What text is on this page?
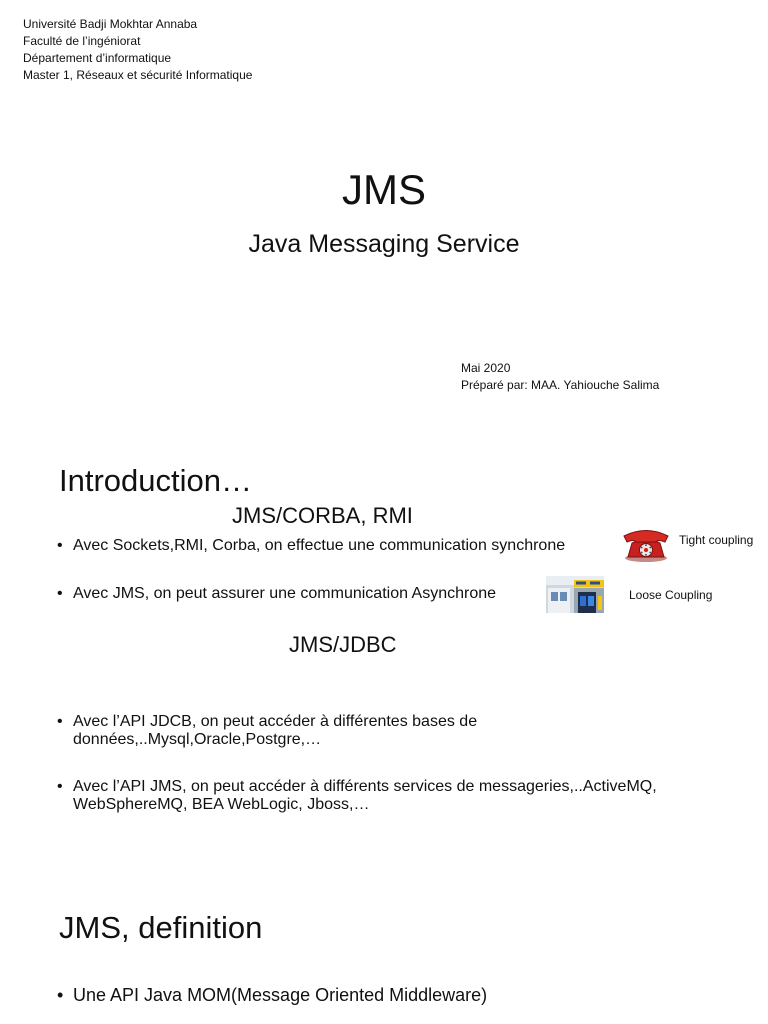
Université Badji Mokhtar Annaba
Faculté de l’ingéniorat
Département d’informatique
Master 1, Réseaux et sécurité Informatique
JMS
Java Messaging Service
Mai 2020
Préparé par: MAA. Yahiouche Salima
Introduction…
JMS/CORBA, RMI
• Avec Sockets,RMI, Corba, on effectue une communication synchrone	Tight coupling
• Avec JMS, on peut assurer une communication Asynchrone	Loose Coupling
JMS/JDBC
• Avec l’API JDCB, on peut accéder à différentes bases de
données,..Mysql,Oracle,Postgre,…
• Avec l’API JMS, on peut accéder à différents services de messageries,..ActiveMQ,
WebSphereMQ, BEA WebLogic, Jboss,…
JMS, definition
• Une API Java MOM(Message Oriented Middleware)
